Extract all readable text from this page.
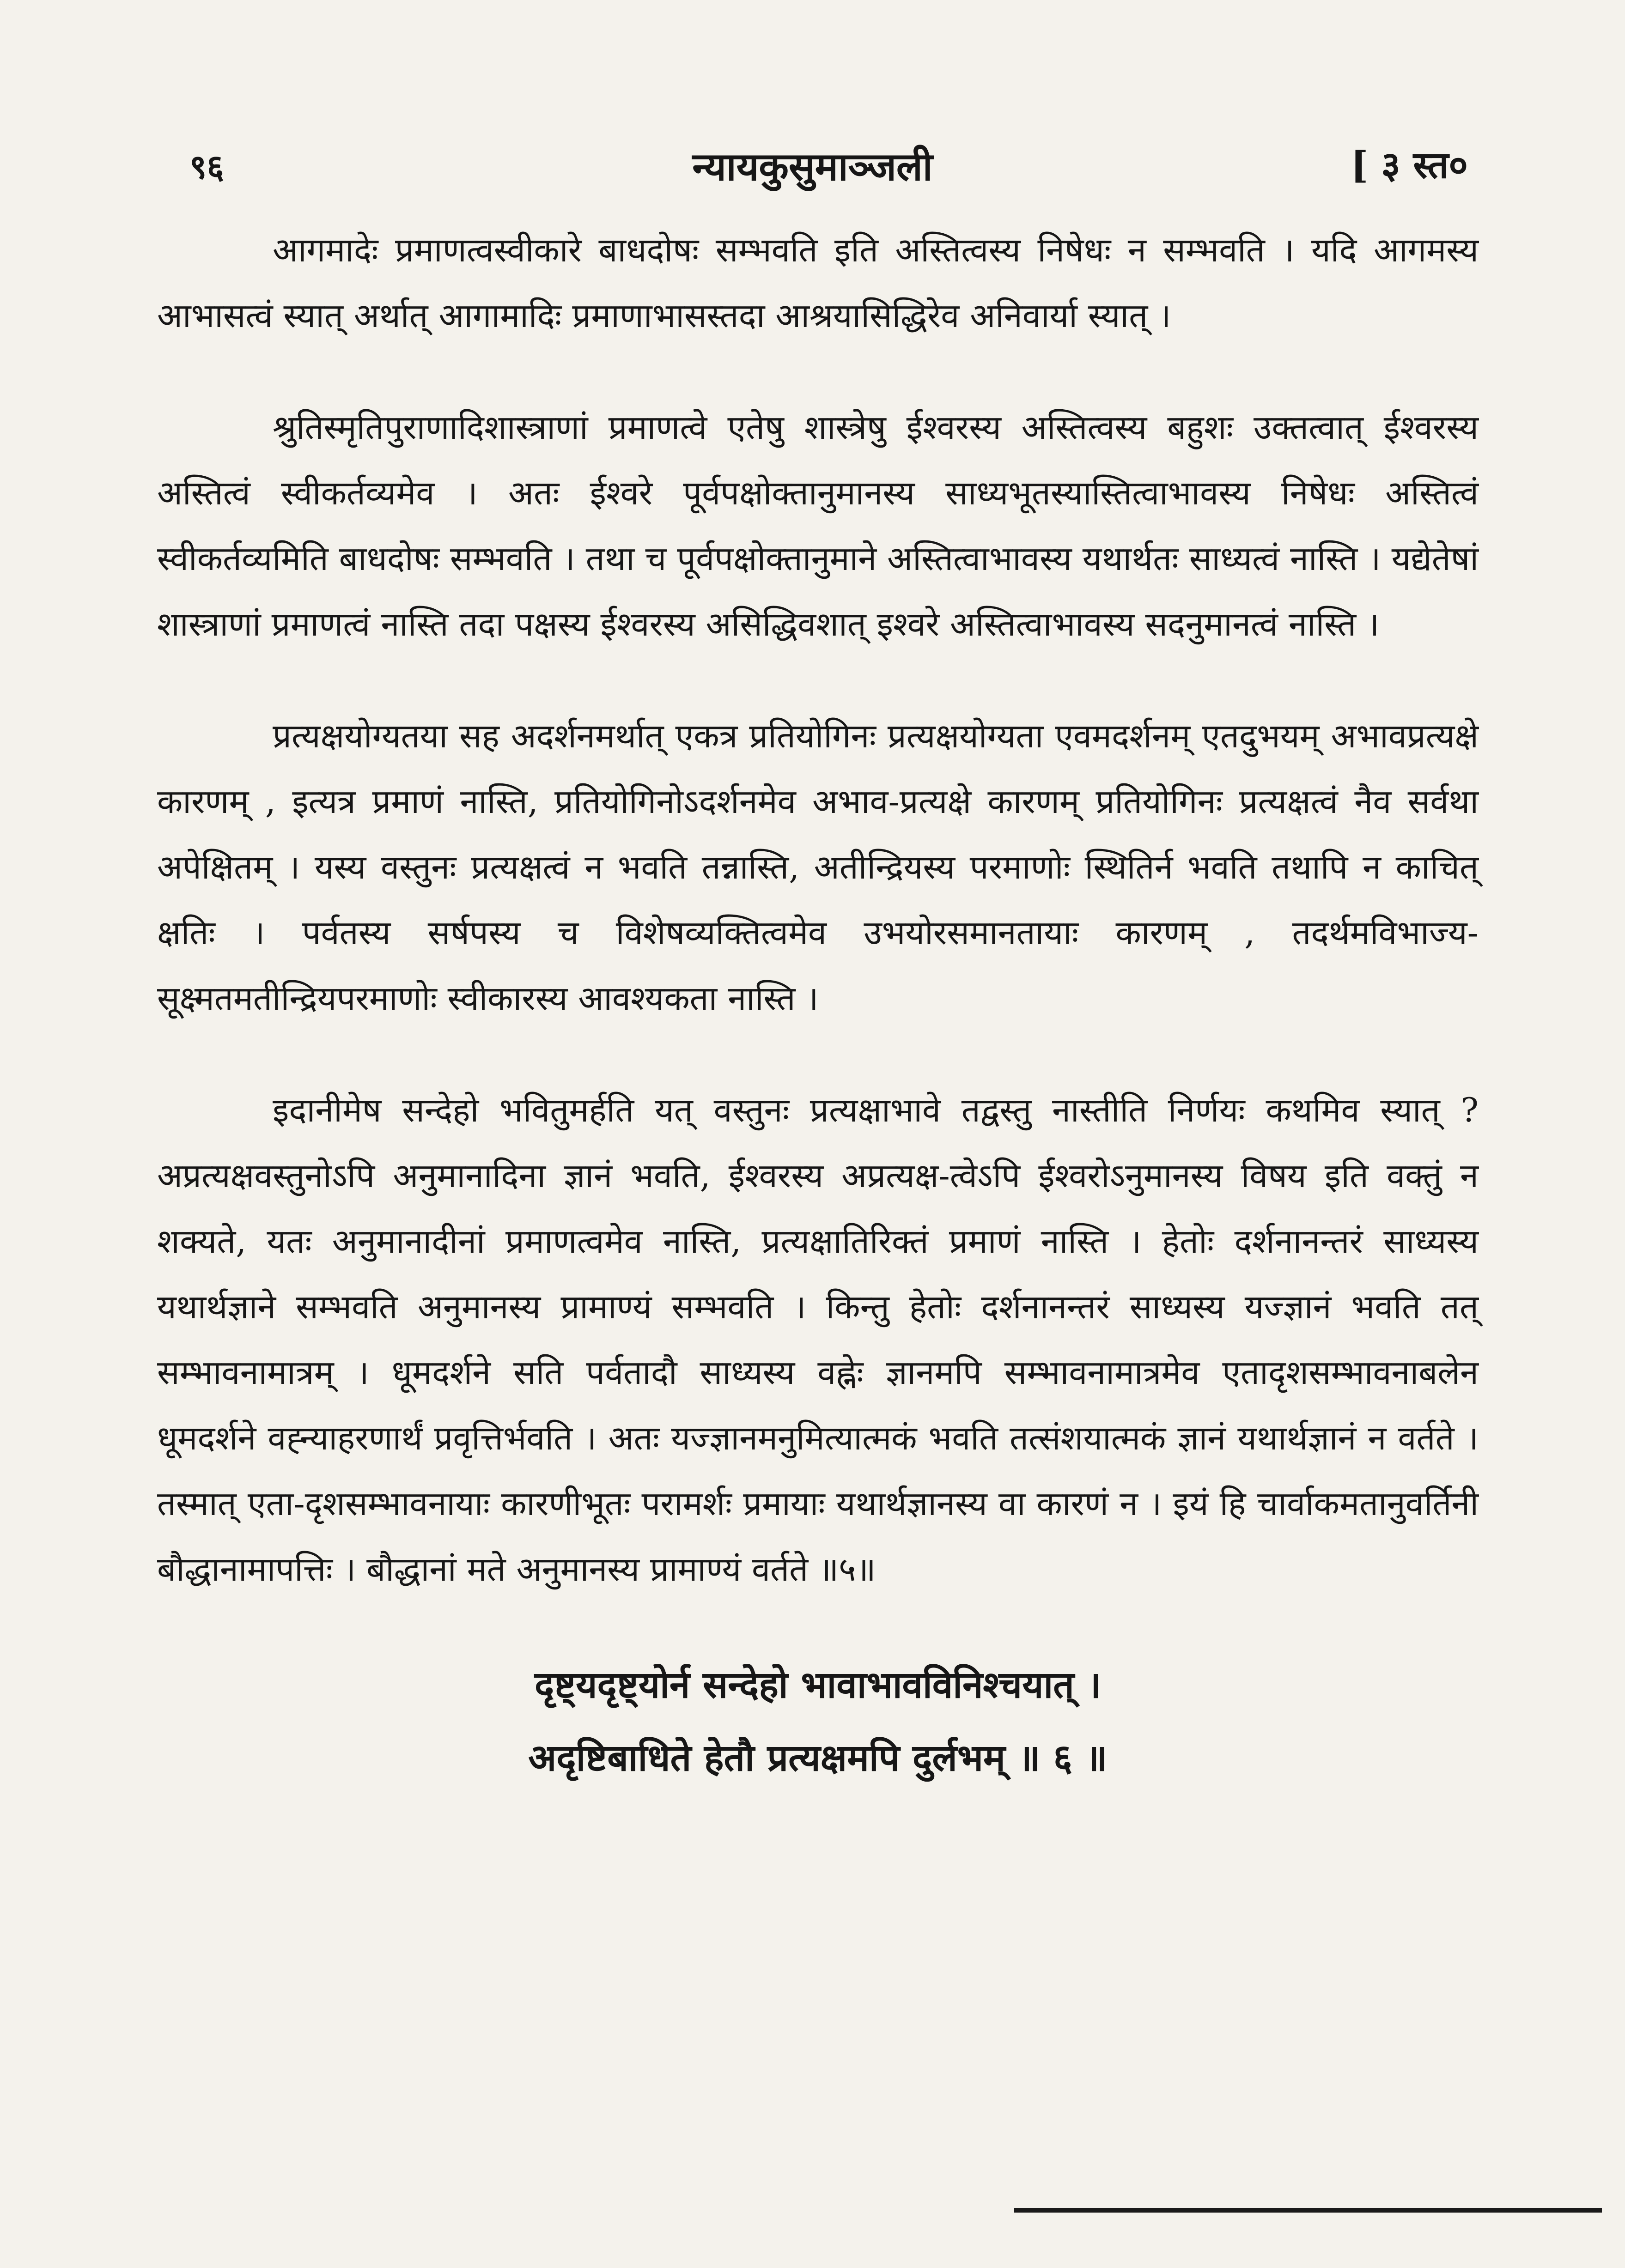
९६	न्यायकुसुमाञ्जली	[ ३ स्त०

आगमादेः प्रमाणत्वस्वीकारे बाधदोषः सम्भवति इति अस्तित्वस्य निषेधः न सम्भवति । यदि आगमस्य आभासत्वं स्यात् अर्थात् आगामादिः प्रमाणाभासस्तदा आश्रयासिद्धिरेव अनिवार्या स्यात् ।

श्रुतिस्मृतिपुराणादिशास्त्राणां प्रमाणत्वे एतेषु शास्त्रेषु ईश्वरस्य अस्तित्वस्य बहुशः उक्तत्वात् ईश्वरस्य अस्तित्वं स्वीकर्तव्यमेव । अतः ईश्वरे पूर्वपक्षोक्तानुमानस्य साध्यभूतस्यास्तित्वाभावस्य निषेधः अस्तित्वं स्वीकर्तव्यमिति बाधदोषः सम्भवति । तथा च पूर्वपक्षोक्तानुमाने अस्तित्वाभावस्य यथार्थतः साध्यत्वं नास्ति । यद्येतेषां शास्त्राणां प्रमाणत्वं नास्ति तदा पक्षस्य ईश्वरस्य असिद्धिवशात् इश्वरे अस्तित्वाभावस्य सदनुमानत्वं नास्ति ।

प्रत्यक्षयोग्यतया सह अदर्शनमर्थात् एकत्र प्रतियोगिनः प्रत्यक्षयोग्यता एवमदर्शनम् एतदुभयम् अभावप्रत्यक्षे कारणम् , इत्यत्र प्रमाणं नास्ति, प्रतियोगिनोऽदर्शनमेव अभाव-प्रत्यक्षे कारणम् प्रतियोगिनः प्रत्यक्षत्वं नैव सर्वथा अपेक्षितम् । यस्य वस्तुनः प्रत्यक्षत्वं न भवति तन्नास्ति, अतीन्द्रियस्य परमाणोः स्थितिर्न भवति तथापि न काचित् क्षतिः । पर्वतस्य सर्षपस्य च विशेषव्यक्तित्वमेव उभयोरसमानतायाः कारणम् , तदर्थमविभाज्य-सूक्ष्मतमतीन्द्रियपरमाणोः स्वीकारस्य आवश्यकता नास्ति ।

इदानीमेष सन्देहो भवितुमर्हति यत् वस्तुनः प्रत्यक्षाभावे तद्वस्तु नास्तीति निर्णयः कथमिव स्यात् ? अप्रत्यक्षवस्तुनोऽपि अनुमानादिना ज्ञानं भवति, ईश्वरस्य अप्रत्यक्ष-त्वेऽपि ईश्वरोऽनुमानस्य विषय इति वक्तुं न शक्यते, यतः अनुमानादीनां प्रमाणत्वमेव नास्ति, प्रत्यक्षातिरिक्तं प्रमाणं नास्ति । हेतोः दर्शनानन्तरं साध्यस्य यथार्थज्ञाने सम्भवति अनुमानस्य प्रामाण्यं सम्भवति । किन्तु हेतोः दर्शनानन्तरं साध्यस्य यज्ज्ञानं भवति तत् सम्भावनामात्रम् । धूमदर्शने सति पर्वतादौ साध्यस्य वह्नेः ज्ञानमपि सम्भावनामात्रमेव एतादृशसम्भावनाबलेन धूमदर्शने वह्न्याहरणार्थं प्रवृत्तिर्भवति । अतः यज्ज्ञानमनुमित्यात्मकं भवति तत्संशयात्मकं ज्ञानं यथार्थज्ञानं न वर्तते । तस्मात् एता-दृशसम्भावनायाः कारणीभूतः परामर्शः प्रमायाः यथार्थज्ञानस्य वा कारणं न । इयं हि चार्वाकमतानुवर्तिनी बौद्धानामापत्तिः । बौद्धानां मते अनुमानस्य प्रामाण्यं वर्तते ॥५॥

दृष्ट्यदृष्ट्योर्न सन्देहो भावाभावविनिश्चयात् ।
अदृष्टिबाधिते हेतौ प्रत्यक्षमपि दुर्लभम् ॥ ६ ॥
